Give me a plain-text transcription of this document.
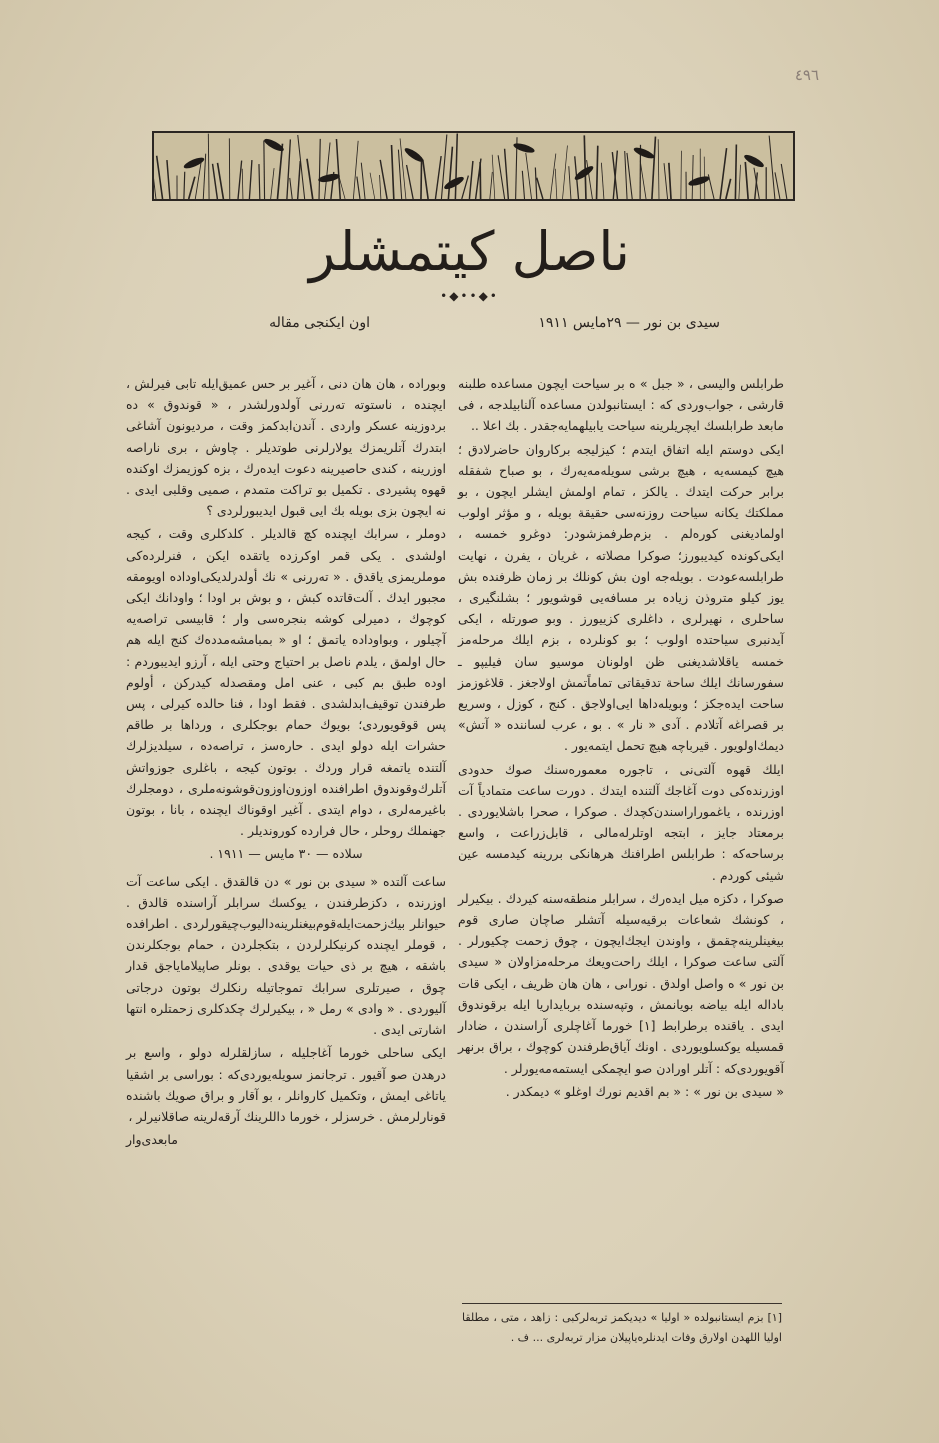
٤٩٦
ناصل كيتمشلر
•◆••◆•
سيدى بن نور — ٢٩مايس ١٩١١
اون ايكنجى مقاله

طرابلس واليسى ، « جبل » ه بر سياحت ايچون مساعده طلبنه قارشى ، جواب‌وردى كه : ايستانبولدن مساعده آلنابيلدجه ، فى مابعد طرابلسك ايچريلرينه سياحت يابيلهمايه‌جقدر . بك اعلا ..

ايكى دوستم ايله اتفاق ايتدم ؛ كيزليجه بركاروان حاضرلادق ؛ هيچ كيمسه‌يه ، هيچ برشى سويله‌مه‌يه‌رك ، بو صباح شفقله برابر حركت ايتدك . يالكز ، تمام اولمش ايشلر ايچون ، بو مملكتك يكانه سياحت روزنه‌سى حقيقة بويله ، و مؤثر اولوب اولماديغنى كوره‌لم . بزم‌طرفمزشودر: دوغرو خمسه ، ايكى‌كونده كيديبورز؛ صوكرا مصلاته ، غريان ، يفرن ، نهايت طرابلسه‌عودت . بويله‌جه اون بش كونلك بر زمان ظرفنده بش يوز كيلو متروذن زياده بر مسافه‌يى قوشويور ؛ بشلنگيرى ، ساحلرى ، نهيرلرى ، داغلرى كزييورز . وبو صورتله ، ايكى آيدنبرى سياحتده اولوب ؛ بو كونلرده ، بزم ايلك مرحله‌مز خمسه ياقلاشديغنى ظن اولونان موسيو سان فيليپو ـ سفورسانك ايلك ساحة تدقيقاتى تماماًتمش اولاجغز . قلاغوزمز ساحت ايده‌جكز ؛ وبويله‌داها ايى‌اولاجق . كنج ، كوزل ، وسريع بر قصراغه آتلادم . آدى « نار » . بو ، عرب لساننده « آتش» ديمك‌اولويور . قيرباچه هيچ تحمل ايتمه‌يور .

ايلك قهوه آلتى‌نى ، تاجوره معموره‌سنك صوك حدودى اوزرنده‌كى دوت آغاجك آلتنده ايتدك . دورت ساعت متمادياً آت اوزرنده ، ياغموراراسندن‌كچدك . صوكرا ، صحرا باشلايوردى . برمعتاد جايز ، ابتجه اوتلرله‌مالى ، قابل‌زراعت ، واسع برساحه‌كه : طرابلس اطرافنك هرهانكى بررينه كيدمسه عين شيئى كوردم .

صوكرا ، دكزه ميل ايده‌رك ، سرابلر منطقه‌سنه كيردك . بيكيرلر ، كونشك شعاعات برقيه‌سيله آتشلر صاچان صارى قوم بيغينلرينه‌چقمق ، واوندن ايجك‌ايچون ، چوق زحمت چكيورلر . آلتى ساعت صوكرا ، ايلك راحت‌ويعك مرحله‌مزاولان « سيدى بن نور » ه واصل اولدق . نوراىى ، هان هان ظريف ، ايكى قات باداله ايله بياضه بويانمش ، وتپه‌سنده بربايداريا ايله برقوندوق ايدى . ياقنده برطرابط [١] خورما آغاچلرى آراسندن ، ضادار قمسيله يوكسلويوردى . اونك آياق‌طرفندن كوچوك ، براق برنهر آقويوردى‌كه : آتلر اورادن صو ايچمكى ايستمه‌مه‌يورلر .

« سيدى بن نور » : « بم اقديم نورك اوغلو » ديمكدر .

وبوراده ، هان هان دنى ، آغير بر حس عميق‌ايله تابى فيرلش ، ايچنده ، ناستوته ته‌ررنى آولدو‌رلشدر ، « قوندوق » ده بردو‌زينه عسكر واردى . آندن‌ابدكمز وقت ، مرديونون آشاغى ابتدرك آتلريمزك يولارلرنى طوتديلر . چاوش ، برى ناراصه اوزرينه ، كندى حاصيرينه دعوت ايده‌رك ، بزه كوزيمزك اوكنده قهوه پشيردى . تكميل بو تراكت متمدم ، صميى وقلبى ايدى . نه ايچون بزى بويله بك ايى قبول ايديبورلردى ؟

دوملر ، سرابك ايچنده كچ قالديلر . كلدكلرى وقت ، كيجه اولشدى . يكى قمر اوكرزده ياتقده ايكن ، فنرلرده‌كى موملريمزى ياقدق . « ته‌ررنى » نك أولدرلديكى‌اوداده اويومقه مجبور ايدك . آلت‌قاتده كبش ، و بوش بر اودا ؛ واودانك ايكى كوچوك ، دميرلى كوشه بنجره‌سى وار ؛ قابيسى تراصه‌يه آچيلور ، وبواوداده ياتمق ؛ او « بمبامشه‌مدده‌ك كنج ايله هم حال اولمق ، يلدم ناصل بر احتياج وحتى ايله ، آرزو ايديبوردم : اوده طبق بم كبى ، عنى امل ومقصدله كيدركن ، أولوم طرفندن توقيف‌ابدلشدى . فقط اودا ، فنا حالده كيرلى ، پس پس قوقويوردى؛ بويوك حمام بوجكلرى ، ورداها بر طاقم حشرات ايله دولو ايدى . حاره‌سز ، تراصه‌ده ، سيلديزلرك آلتنده ياتمغه قرار وردك . بوتون كيجه ، باغلرى جوزواتش آتلرك‌وقوندوق اطرافنده اوزون‌اوزون‌قوشونه‌ملرى ، دومجلرك باغيرمه‌لرى ، دوام ايتدى . آغير اوقوناك ايچنده ، بانا ، بوتون جهنملك روحلر ، حال فرارده كورونديلر .

سلاده — ٣٠ مايس — ١٩١١ .

ساعت آلتده « سيدى بن نور » دن قالقدق . ايكى ساعت آت اوزرنده ، دكزطرفندن ، يوكسك سرابلر آراسنده قالدق . حيوانلر بيك‌زحمت‌ايله‌قوم‌بيغنلرينه‌داليوب‌چيقورلردى . اطرافده ، قوملر ايچنده كرنيكلرلردن ، بتكجلردن ، حمام بوجكلرندن باشقه ، هيچ بر ذى حيات يوقدى . بونلر صاپيلاماياجق قدار چوق ، صيرتلرى سرابك تموجاتيله رنكلرك بوتون درجاتى آليوردى . « وادى » رمل « ، بيكيرلرك چكدكلرى زحمتلره انتها اشارتى ايدى .

ايكى ساحلى خورما آغاجليله ، سازلقلرله دولو ، واسع بر درهدن صو آقيور . ترجانمز سويله‌يوردى‌كه : بوراسى بر اشقيا ياتاغى ايمش ، وتكميل كاروانلر ، بو آقار و براق صويك باشنده قونارلرمش . خرسزلر ، خورما داللرينك آرقه‌لرينه صاقلانيرلر ،

مابعدى‌وار

[١] بزم ايستانبولده « اوليا » ديديكمز تربه‌لركبى : زاهد ، متى ، مطلقا اوليا اللهدن اولارق وفات ايدنلره‌ياپيلان مزار تربه‌لرى ... ف .
